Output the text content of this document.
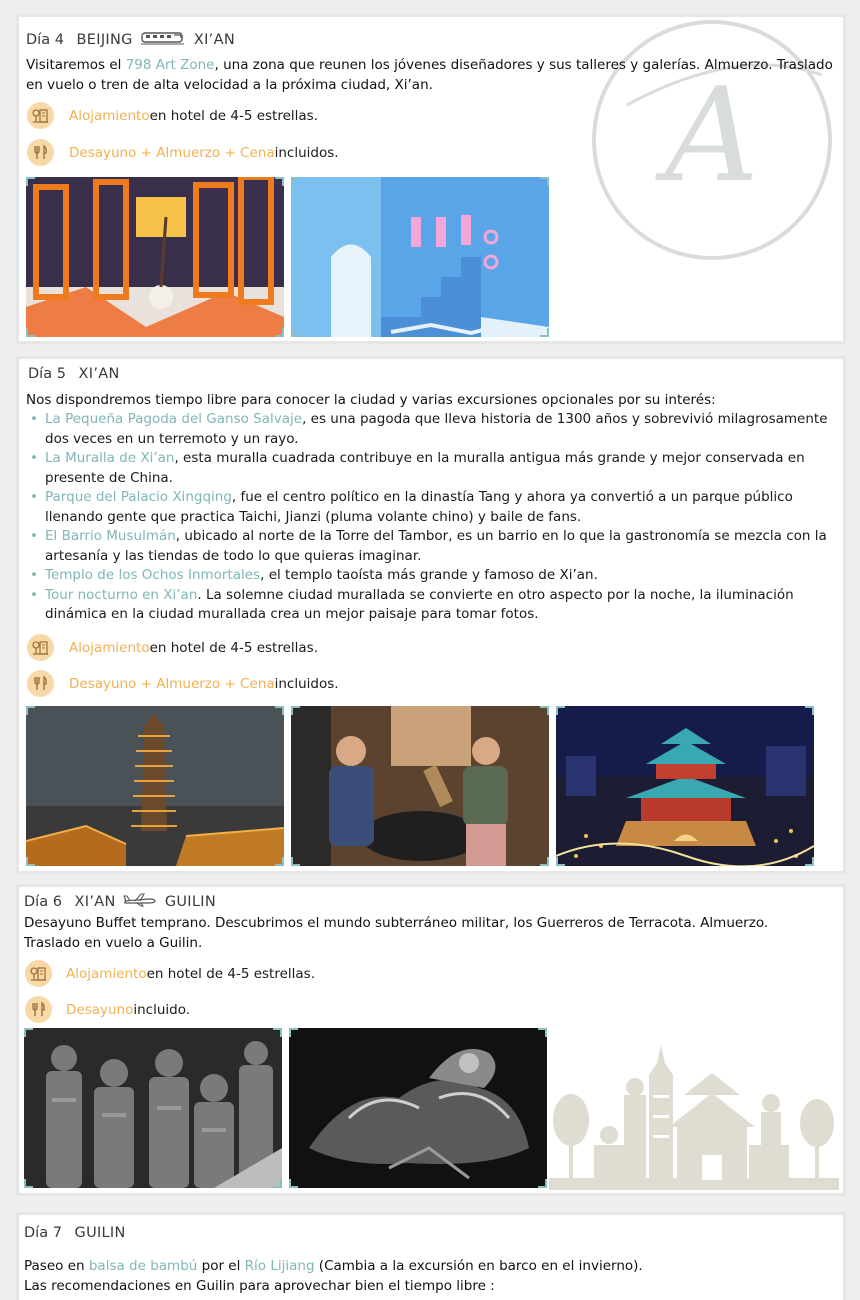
A
Día 4 BEIJING	XI’AN

Visitaremos el 798 Art Zone, una zona que reunen los jóvenes diseñadores y sus talleres y galerías. Almuerzo. Traslado en vuelo o tren de alta velocidad a la próxima ciudad, Xi’an.

Alojamiento en hotel de 4-5 estrellas.
Desayuno + Almuerzo + Cena incluidos.
Día 5 XI’AN

Nos dispondremos tiempo libre para conocer la ciudad y varias excursiones opcionales por su interés:

• La Pequeña Pagoda del Ganso Salvaje, es una pagoda que lleva historia de 1300 años y sobrevivió milagrosamente dos veces en un terremoto y un rayo.
• La Muralla de Xi’an, esta muralla cuadrada contribuye en la muralla antigua más grande y mejor conservada en presente de China.
• Parque del Palacio Xingqing, fue el centro político en la dinastía Tang y ahora ya convertió a un parque público llenando gente que practica Taichi, Jianzi (pluma volante chino) y baile de fans.
• El Barrio Musulmán, ubicado al norte de la Torre del Tambor, es un barrio en lo que la gastronomía se mezcla con la artesanía y las tiendas de todo lo que quieras imaginar.
• Templo de los Ochos Inmortales, el templo taoísta más grande y famoso de Xi’an.
• Tour nocturno en Xi’an. La solemne ciudad murallada se convierte en otro aspecto por la noche, la iluminación dinámica en la ciudad murallada crea un mejor paisaje para tomar fotos.
Alojamiento en hotel de 4-5 estrellas.
Desayuno + Almuerzo + Cena incluidos.
Día 6 XI’AN	GUILIN

Desayuno Buffet temprano. Descubrimos el mundo subterráneo militar, los Guerreros de Terracota. Almuerzo. Traslado en vuelo a Guilin.

Alojamiento en hotel de 4-5 estrellas.
Desayuno incluido.
Día 7 GUILIN

Paseo en balsa de bambú por el Río Lijiang (Cambia a la excursión en barco en el invierno).

Las recomendaciones en Guilin para aprovechar bien el tiempo libre :
